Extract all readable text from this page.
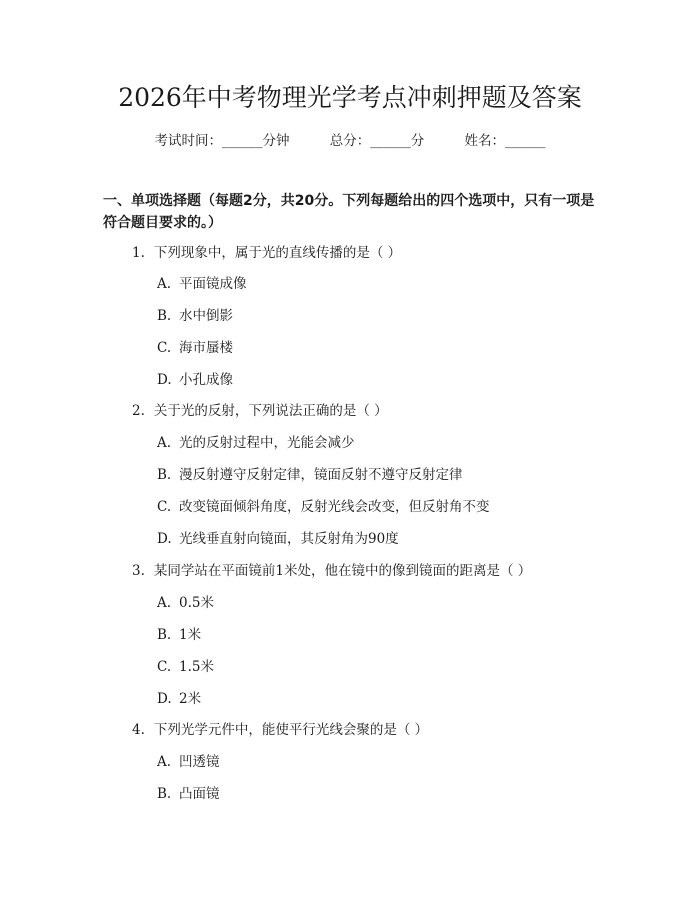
2026年中考物理光学考点冲刺押题及答案
考试时间：______分钟	总分：______分	姓名：______
一、单项选择题（每题2分，共20分。下列每题给出的四个选项中，只有一项是符合题目要求的。）
1. 下列现象中，属于光的直线传播的是（ ）
A. 平面镜成像
B. 水中倒影
C. 海市蜃楼
D. 小孔成像
2. 关于光的反射，下列说法正确的是（ ）
A. 光的反射过程中，光能会减少
B. 漫反射遵守反射定律，镜面反射不遵守反射定律
C. 改变镜面倾斜角度，反射光线会改变，但反射角不变
D. 光线垂直射向镜面，其反射角为90度
3. 某同学站在平面镜前1米处，他在镜中的像到镜面的距离是（ ）
A. 0.5米
B. 1米
C. 1.5米
D. 2米
4. 下列光学元件中，能使平行光线会聚的是（ ）
A. 凹透镜
B. 凸面镜
